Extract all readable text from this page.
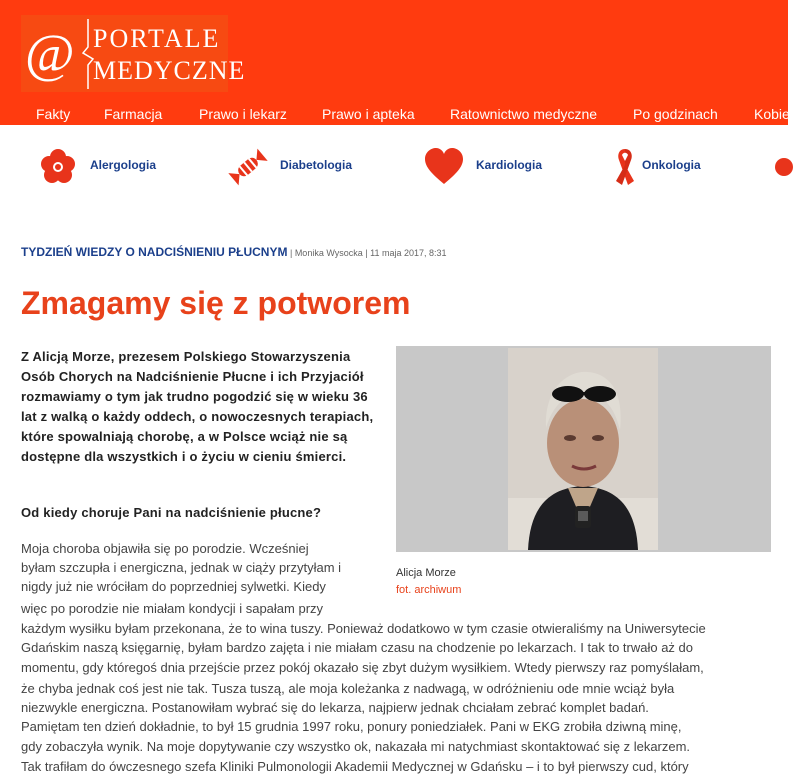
@ PORTALE
MEDYCZNE
Fakty Farmacja	Prawo i lekarz	Prawo i apteka	Ratownictwo medyczne	Po godzinach	Kobieta
Alergologia	Diabetologia	Kardiologia	Onkologia
TYDZIEŃ WIEDZY O NADCIŚNIENIU PŁUCNYM | Monika Wysocka | 11 maja 2017, 8:31
Zmagamy się z potworem

Z Alicją Morze, prezesem Polskiego Stowarzyszenia Osób Chorych na Nadciśnienie Płucne i ich Przyjaciół rozmawiamy o tym jak trudno pogodzić się w wieku 36 lat z walką o każdy oddech, o nowoczesnych terapiach, które spowalniają chorobę, a w Polsce wciąż nie są dostępne dla wszystkich i o życiu w cieniu śmierci.

Od kiedy choruje Pani na nadciśnienie płucne?

Alicja Morze
fot. archiwum
Moja choroba objawiła się po porodzie. Wcześniej
byłam szczupła i energiczna, jednak w ciąży przytyłam i
nigdy już nie wróciłam do poprzedniej sylwetki. Kiedy
więc po porodzie nie miałam kondycji i sapałam przy
każdym wysiłku byłam przekonana, że to wina tuszy. Ponieważ dodatkowo w tym czasie otwieraliśmy na Uniwersytecie
Gdańskim naszą księgarnię, byłam bardzo zajęta i nie miałam czasu na chodzenie po lekarzach. I tak to trwało aż do
momentu, gdy któregoś dnia przejście przez pokój okazało się zbyt dużym wysiłkiem. Wtedy pierwszy raz pomyślałam,
że chyba jednak coś jest nie tak. Tusza tuszą, ale moja koleżanka z nadwagą, w odróżnieniu ode mnie wciąż była
niezwykle energiczna. Postanowiłam wybrać się do lekarza, najpierw jednak chciałam zebrać komplet badań.
Pamiętam ten dzień dokładnie, to był 15 grudnia 1997 roku, ponury poniedziałek. Pani w EKG zrobiła dziwną minę,
gdy zobaczyła wynik. Na moje dopytywanie czy wszystko ok, nakazała mi natychmiast skontaktować się z lekarzem.
Tak trafiłam do ówczesnego szefa Kliniki Pulmonologii Akademii Medycznej w Gdańsku – i to był pierwszy cud, który
